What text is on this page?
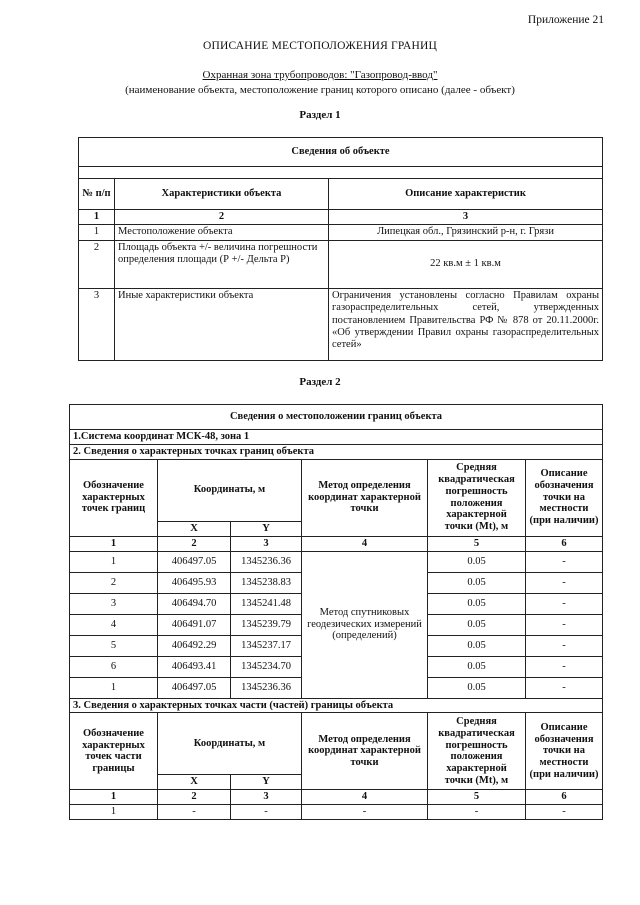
Приложение 21
ОПИСАНИЕ МЕСТОПОЛОЖЕНИЯ ГРАНИЦ
Охранная зона трубопроводов: "Газопровод-ввод"
(наименование объекта, местоположение границ которого описано (далее - объект)
Раздел 1
Сведения об объекте		

№ п/п	Характеристики объекта	Описание характеристик
1	2	3
1	Местоположение объекта	Липецкая обл., Грязинский р-н, г. Грязи
2	Площадь объекта +/- величина погрешности определения площади (Р +/- Дельта Р)	22 кв.м ± 1 кв.м
3	Иные характеристики объекта	Ограничения установлены согласно Правилам охраны газораспределительных сетей, утвержденных постановлением Правительства РФ № 878 от 20.11.2000г. «Об утверждении Правил охраны газораспределительных сетей»
Раздел 2
Сведения о местоположении границ объекта					
1.Система координат МСК-48, зона 1					
2. Сведения о характерных точках границ объекта					
Обозначение характерных точек границ	Координаты, м		Метод определения координат характерной точки	Средняя квадратическая погрешность положения характерной точки (Mt), м	Описание обозначения точки на местности (при наличии)
	X	Y			
1	2	3	4	5	6
1	406497.05	1345236.36	Метод спутниковых геодезических измерений (определений)	0.05	-
2	406495.93	1345238.83		0.05	-
3	406494.70	1345241.48		0.05	-
4	406491.07	1345239.79		0.05	-
5	406492.29	1345237.17		0.05	-
6	406493.41	1345234.70		0.05	-
1	406497.05	1345236.36		0.05	-
3. Сведения о характерных точках части (частей) границы объекта					
Обозначение характерных точек части границы	Координаты, м		Метод определения координат характерной точки	Средняя квадратическая погрешность положения характерной точки (Mt), м	Описание обозначения точки на местности (при наличии)
	X	Y			
1	2	3	4	5	6
1	-	-	-	-	-
